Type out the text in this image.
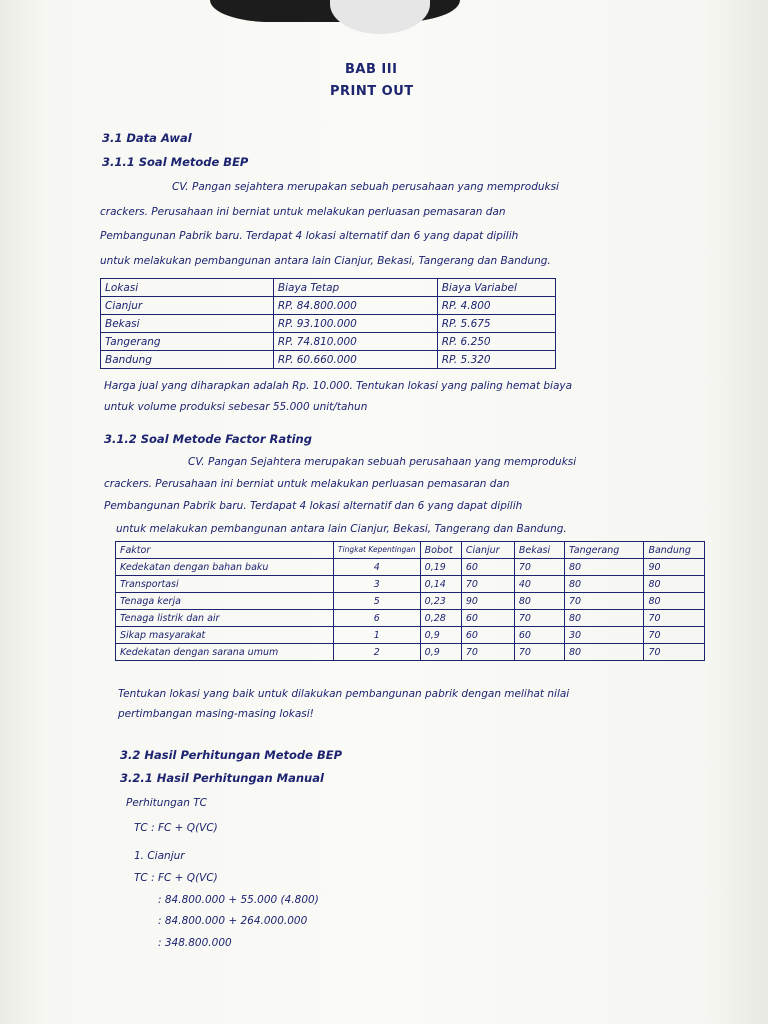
BAB III
PRINT OUT
3.1 Data Awal
3.1.1 Soal Metode BEP
CV. Pangan sejahtera merupakan sebuah perusahaan yang memproduksi
crackers. Perusahaan ini berniat untuk melakukan perluasan pemasaran dan
Pembangunan Pabrik baru. Terdapat 4 lokasi alternatif dan 6 yang dapat dipilih
untuk melakukan pembangunan antara lain Cianjur, Bekasi, Tangerang dan Bandung.
Lokasi	Biaya Tetap	Biaya Variabel
Cianjur	RP. 84.800.000	RP. 4.800
Bekasi	RP. 93.100.000	RP. 5.675
Tangerang	RP. 74.810.000	RP. 6.250
Bandung	RP. 60.660.000	RP. 5.320
Harga jual yang diharapkan adalah Rp. 10.000. Tentukan lokasi yang paling hemat biaya
untuk volume produksi sebesar 55.000 unit/tahun
3.1.2 Soal Metode Factor Rating
CV. Pangan Sejahtera merupakan sebuah perusahaan yang memproduksi
crackers. Perusahaan ini berniat untuk melakukan perluasan pemasaran dan
Pembangunan Pabrik baru. Terdapat 4 lokasi alternatif dan 6 yang dapat dipilih
untuk melakukan pembangunan antara lain Cianjur, Bekasi, Tangerang dan Bandung.
Faktor	Tingkat Kepentingan	Bobot	Cianjur	Bekasi	Tangerang	Bandung
Kedekatan dengan bahan baku	4	0,19	60	70	80	90
Transportasi	3	0,14	70	40	80	80
Tenaga kerja	5	0,23	90	80	70	80
Tenaga listrik dan air	6	0,28	60	70	80	70
Sikap masyarakat	1	0,9	60	60	30	70
Kedekatan dengan sarana umum	2	0,9	70	70	80	70
Tentukan lokasi yang baik untuk dilakukan pembangunan pabrik dengan melihat nilai
pertimbangan masing-masing lokasi!
3.2 Hasil Perhitungan Metode BEP
3.2.1 Hasil Perhitungan Manual
Perhitungan TC
TC : FC + Q(VC)
1. Cianjur
TC : FC + Q(VC)
: 84.800.000 + 55.000 (4.800)
: 84.800.000 + 264.000.000
: 348.800.000
